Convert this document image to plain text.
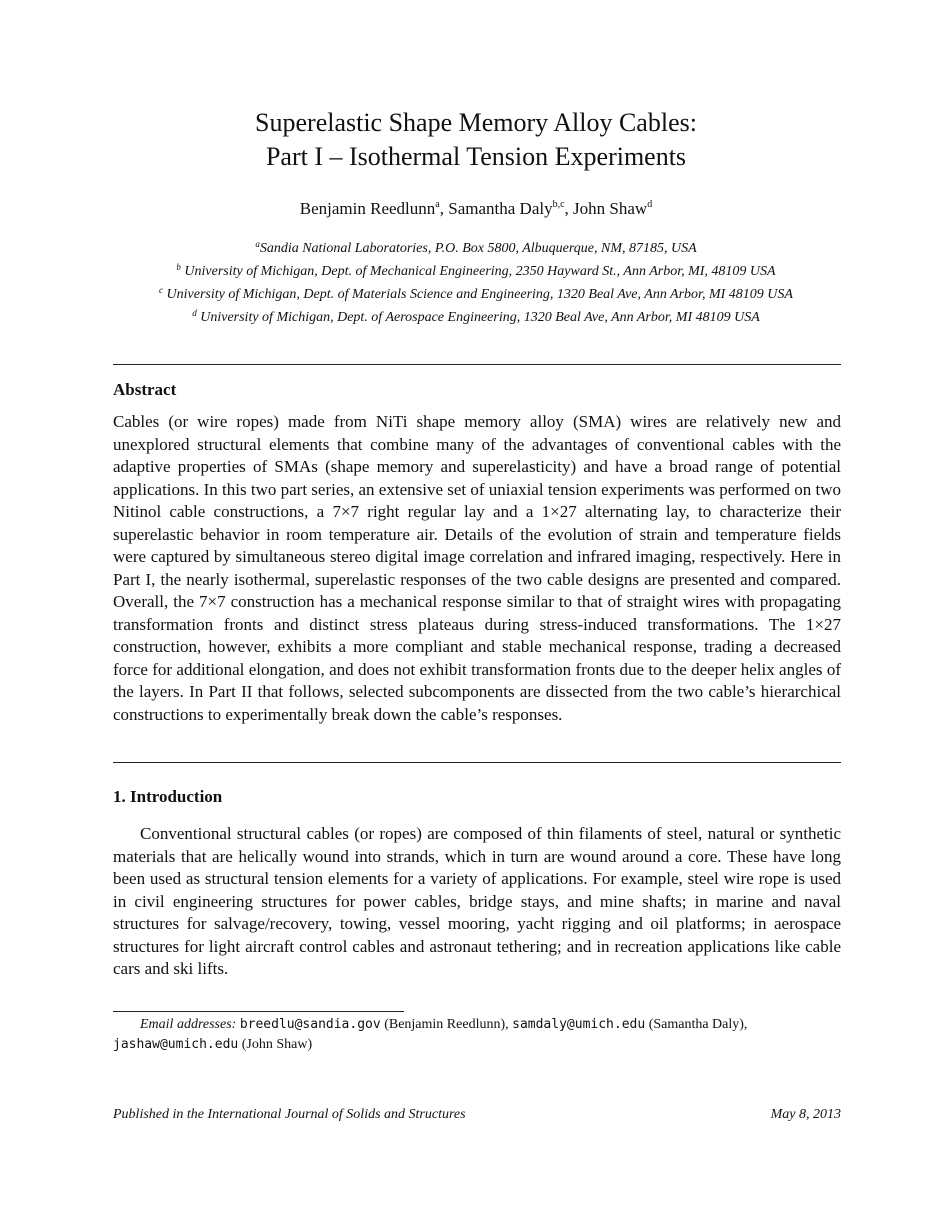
Superelastic Shape Memory Alloy Cables:
Part I – Isothermal Tension Experiments
Benjamin Reedlunn$^a$, Samantha Daly$^{b,c}$, John Shaw$^d$
$^a$Sandia National Laboratories, P.O. Box 5800, Albuquerque, NM, 87185, USA
$^b$ University of Michigan, Dept. of Mechanical Engineering, 2350 Hayward St., Ann Arbor, MI, 48109 USA
$^c$ University of Michigan, Dept. of Materials Science and Engineering, 1320 Beal Ave, Ann Arbor, MI 48109 USA
$^d$ University of Michigan, Dept. of Aerospace Engineering, 1320 Beal Ave, Ann Arbor, MI 48109 USA
Abstract
Cables (or wire ropes) made from NiTi shape memory alloy (SMA) wires are relatively new and unexplored structural elements that combine many of the advantages of conventional cables with the adaptive properties of SMAs (shape memory and superelasticity) and have a broad range of potential applications. In this two part series, an extensive set of uniaxial tension experiments was performed on two Nitinol cable constructions, a 7×7 right regular lay and a 1×27 alternating lay, to characterize their superelastic behavior in room temperature air. Details of the evolution of strain and temperature fields were captured by simultaneous stereo digital image correlation and infrared imaging, respectively. Here in Part I, the nearly isothermal, superelastic responses of the two cable designs are presented and compared. Overall, the 7×7 construction has a mechanical response similar to that of straight wires with propagating transformation fronts and distinct stress plateaus during stress-induced transformations. The 1×27 construction, however, exhibits a more compliant and stable mechanical response, trading a decreased force for additional elongation, and does not exhibit transformation fronts due to the deeper helix angles of the layers. In Part II that follows, selected subcomponents are dissected from the two cable’s hierarchical constructions to experimentally break down the cable’s responses.
1. Introduction
Conventional structural cables (or ropes) are composed of thin filaments of steel, natural or synthetic materials that are helically wound into strands, which in turn are wound around a core. These have long been used as structural tension elements for a variety of applications. For example, steel wire rope is used in civil engineering structures for power cables, bridge stays, and mine shafts; in marine and naval structures for salvage/recovery, towing, vessel mooring, yacht rigging and oil platforms; in aerospace structures for light aircraft control cables and astronaut tethering; and in recreation applications like cable cars and ski lifts.
Email addresses: breedlu@sandia.gov (Benjamin Reedlunn), samdaly@umich.edu (Samantha Daly), jashaw@umich.edu (John Shaw)
Published in the International Journal of Solids and Structures	May 8, 2013
